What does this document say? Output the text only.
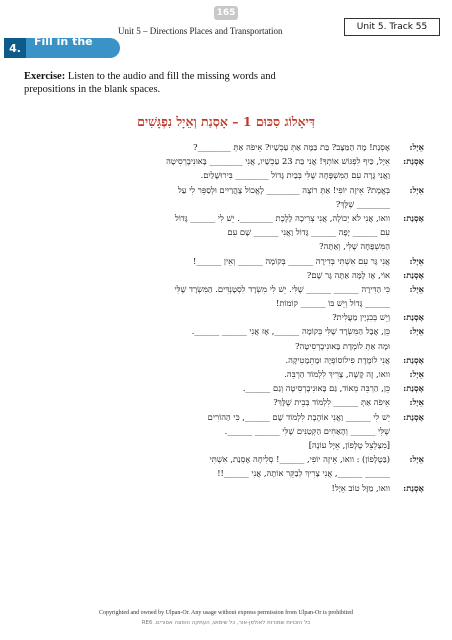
165
Unit 5 – Directions Places and Transportation	Unit 5. Track 55
4.	Fill in the _____
Exercise: Listen to the audio and fill the missing words and prepositions in the blank spaces.
דִּיאָלוֹג סִכּוּם 1 – אָסְנַת וְאֵיָל נִפְגָּשִׁים
אֵיָל:אָסְנַת! מָה הַמַּצָּב? בַּת כַּמָּה אַתְּ עַכְשָׁיו? אֵיפֹה אַתְּ ________?
אָסְנַת:אֵיָל, כַּיִף לִפְגּוֹשׁ אוֹתְךָ! אֲנִי בַּת 23 עַכְשָׁיו, אֲנִי ________ בָּאוּנִיבֶרְסִיטָה
וַאֲנִי גָּרָה עִם הַמִּשְׁפָּחָה שֶׁלִּי בְּבַיִת גָּדוֹל ________ בִּירוּשָׁלַיִם.
אֵיָל:בְּאֱמֶת? אֵיזֶה יוֹפִי! אַתְּ רוֹצָה ________ לֶאֱכוֹל צָהֳרַיִים וּלְסַפֵּר לִי עַל
________ שֶׁלָּךְ?
אָסְנַת:וואו, אֲנִי לֹא יְכוֹלָה, אֲנִי צְרִיכָה לָלֶכֶת ________. יֵשׁ לִי ______ גָּדוֹל
עִם ______ יָפֶה ______ גָּדוֹל וַאֲנִי ______ שָׁם עִם
הַמִּשְׁפָּחָה שֶׁלִּי, וְאַתָּה?
אֵיָל:אֲנִי גָּר עִם אִשְׁתִּי בְּדִירָה ______ בְּקוֹמָה ______ וְאֵין ______!
אָסְנַת:אוֹי, אָז לָמָּה אַתָּה גָּר שָׁם?
אֵיָל:כִּי הַדִּירָה ______ ______ שֶׁלִּי. יֵשׁ לִי מִשְׂרָד לִסְטָנְדִּים. הַמִּשְׂרָד שֶׁלִּי
______ גָּדוֹל וְיֵשׁ בּוֹ ______ קוֹמוֹת!
אָסְנַת:וְיֵשׁ בְּבִנְיָין מַעֲלִית?
אֵיָל:כֵּן, אֲבָל הַמִּשְׂרָד שֶׁלִּי בְּקוֹמָה ______, אָז אֲנִי ______ ______.
וּמָה אַתְּ לוֹמֶדֶת בָּאוּנִיבֶרְסִיטָה?
אָסְנַת:אֲנִי לוֹמֶדֶת פִילוֹסוֹפְיָה וּמָתֵמָטִיקָה.
אֵיָל:וואו, זֶה קָשֶׁה, צָרִיךְ לִלְמוֹד הַרְבֵּה.
אָסְנַת:כֵּן, הַרְבֵּה מְאוֹד, גַּם בָּאוּנִיבֶרְסִיטָה וְגַם ______.
אֵיָל:אֵיפֹה אַתְּ ______ לִלְמוֹד בְּבֵית שֶׁלָּךְ?
אָסְנַת:יֵשׁ לִי ______ וַאֲנִי אוֹהֶבֶת לִלְמוֹד שָׁם ______, כִּי הַהוֹרִים
שֶׁלִּי ______ וְהָאַחִים הַקְּטַנִּים שֶׁלִּי ______ ______.
[מִצַלְצֵל טֶלֶפוֹן, אֵיָל עוֹנֶה]
אֵיָל:(בַּטֶלֶפוֹן) : וואו, אֵיזֶה יוֹפִי, ______! סְלִיחָה אָסְנַת, אִשְׁתִּי
______ ______, אֲנִי צָרִיךְ לְבַקֵּר אוֹתָהּ, אֲנִי ______!!
אָסְנַת:וואו, מַזָּל טוֹב אֵיָל!
Copyrighted and owned by Ulpan-Or. Any usage without express permission from Ulpan-Or is prohibited
כל הזכויות שמורות לאולפן-אור, כל שימוש, העתקה והפצה אסורים. RE6
